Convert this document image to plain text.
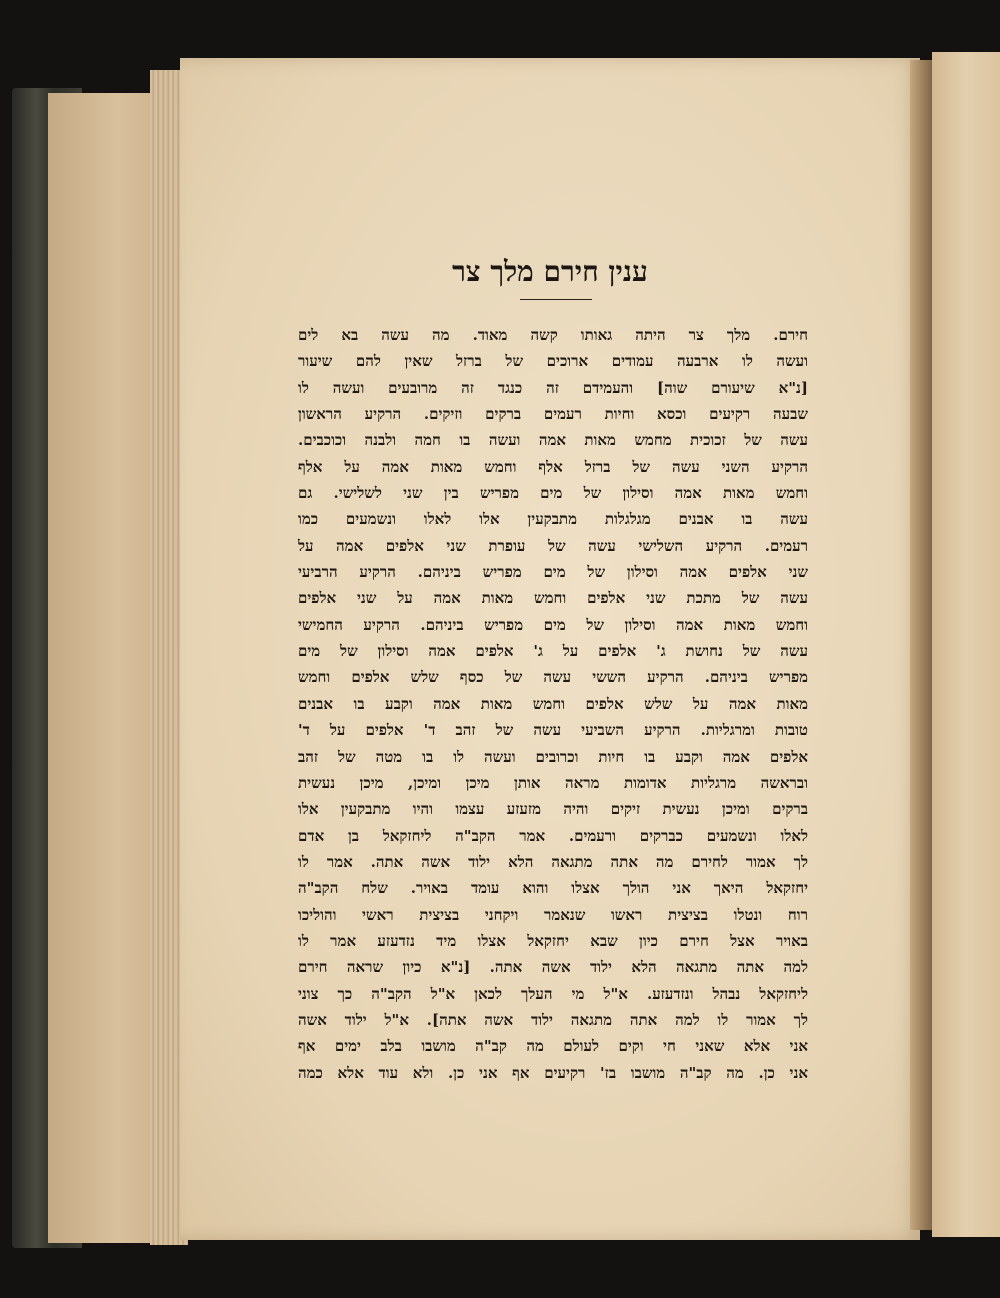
ענין חירם מלך צר
חירם. מלך צר היתה גאותו קשה מאוד. מה עשה בא לים
ועשה לו ארבעה עמודים ארוכים של ברזל שאין להם שיעור
[נ"א שיעורם שוה] והעמידם זה כנגד זה מרובעים ועשה לו
שבעה רקיעים וכסא וחיות רעמים ברקים וזיקים. הרקיע הראשון
עשה של זכוכית מחמש מאות אמה ועשה בו חמה ולבנה וכוכבים.
הרקיע השני עשה של ברזל אלף וחמש מאות אמה על אלף
וחמש מאות אמה וסילון של מים מפריש בין שני לשלישי. גם
עשה בו אבנים מגלגלות מתבקעין אלו לאלו ונשמעים כמו
רעמים. הרקיע השלישי עשה של עופרת שני אלפים אמה על
שני אלפים אמה וסילון של מים מפריש ביניהם. הרקיע הרביעי
עשה של מתכת שני אלפים וחמש מאות אמה על שני אלפים
וחמש מאות אמה וסילון של מים מפריש ביניהם. הרקיע החמישי
עשה של נחושת ג' אלפים על ג' אלפים אמה וסילון של מים
מפריש ביניהם. הרקיע הששי עשה של כסף שלש אלפים וחמש
מאות אמה על שלש אלפים וחמש מאות אמה וקבע בו אבנים
טובות ומרגליות. הרקיע השביעי עשה של זהב ד' אלפים על ד'
אלפים אמה וקבע בו חיות וכרובים ועשה לו בו מטה של זהב
ובראשה מרגליות אדומות מראה אותן מיכן ומיכן, מיכן נעשית
ברקים ומיכן נעשית זיקים והיה מזעזע עצמו והיו מתבקעין אלו
לאלו ונשמעים כברקים ורעמים. אמר הקב"ה ליחזקאל בן אדם
לך אמור לחירם מה אתה מתגאה הלא ילוד אשה אתה. אמר לו
יחזקאל היאך אני הולך אצלו והוא עומד באויר. שלח הקב"ה
רוח ונטלו בציצית ראשו שנאמר ויקחני בציצית ראשי והוליכו
באויר אצל חירם כיון שבא יחזקאל אצלו מיד נזדעזע אמר לו
למה אתה מתגאה הלא ילוד אשה אתה. [נ"א כיון שראה חירם
ליחזקאל נבהל ונזדעזע. א"ל מי העלך לכאן א"ל הקב"ה כך צוני
לך אמור לו למה אתה מתגאה ילוד אשה אתה]. א"ל ילוד אשה
אני אלא שאני חי וקים לעולם מה קב"ה מושבו בלב ימים אף
אני כן. מה קב"ה מושבו בז' רקיעים אף אני כן. ולא עוד אלא כמה
